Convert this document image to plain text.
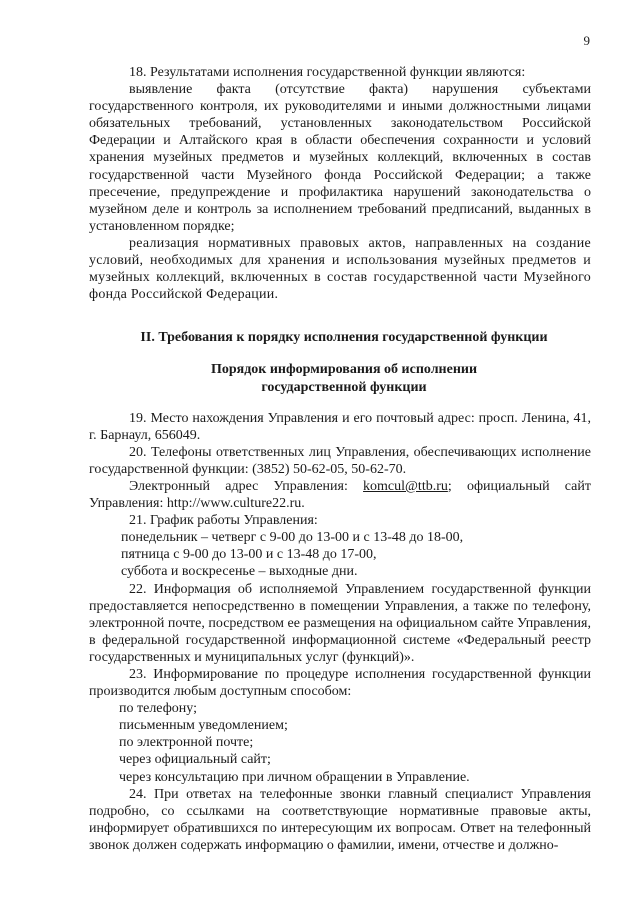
9

18. Результатами исполнения государственной функции являются:

выявление факта (отсутствие факта) нарушения субъектами государственного контроля, их руководителями и иными должностными лицами обязательных требований, установленных законодательством Российской Федерации и Алтайского края в области обеспечения сохранности и условий хранения музейных предметов и музейных коллекций, включенных в состав государственной части Музейного фонда Российской Федерации; а также пресечение, предупреждение и профилактика нарушений законодательства о музейном деле и контроль за исполнением требований предписаний, выданных в установленном порядке;

реализация нормативных правовых актов, направленных на создание условий, необходимых для хранения и использования музейных предметов и музейных коллекций, включенных в состав государственной части Музейного фонда Российской Федерации.

II. Требования к порядку исполнения государственной функции

Порядок информирования об исполнении
государственной функции

19. Место нахождения Управления и его почтовый адрес: просп. Ленина, 41, г. Барнаул, 656049.

20. Телефоны ответственных лиц Управления, обеспечивающих исполнение государственной функции: (3852) 50-62-05, 50-62-70.

Электронный адрес Управления: komcul@ttb.ru; официальный сайт Управления: http://www.culture22.ru.

21. График работы Управления:

понедельник – четверг с 9-00 до 13-00 и с 13-48 до 18-00,

пятница с 9-00 до 13-00 и с 13-48 до 17-00,

суббота и воскресенье – выходные дни.

22. Информация об исполняемой Управлением государственной функции предоставляется непосредственно в помещении Управления, а также по телефону, электронной почте, посредством ее размещения на официальном сайте Управления, в федеральной государственной информационной системе «Федеральный реестр государственных и муниципальных услуг (функций)».

23. Информирование по процедуре исполнения государственной функции производится любым доступным способом:

по телефону;

письменным уведомлением;

по электронной почте;

через официальный сайт;

через консультацию при личном обращении в Управление.

24. При ответах на телефонные звонки главный специалист Управления подробно, со ссылками на соответствующие нормативные правовые акты, информирует обратившихся по интересующим их вопросам. Ответ на телефонный звонок должен содержать информацию о фамилии, имени, отчестве и должно-
